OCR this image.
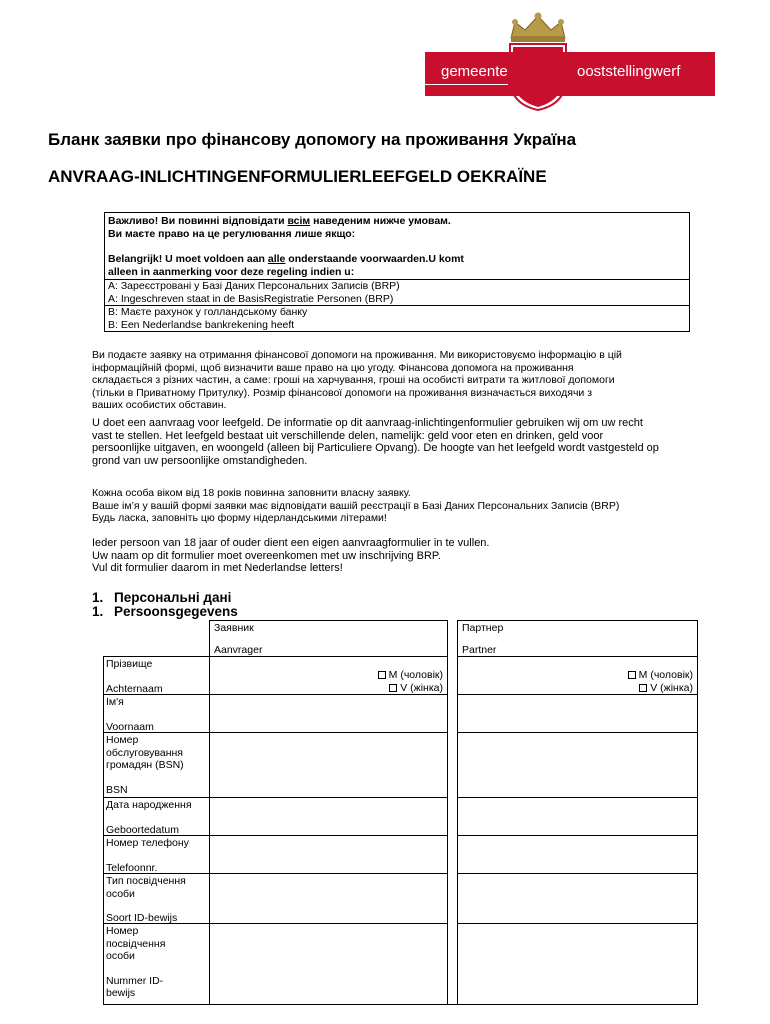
gemeente	ooststellingwerf
Бланк заявки про фінансову допомогу на проживання Україна
ANVRAAG-INLICHTINGENFORMULIERLEEFGELD OEKRAÏNE

Важливо! Ви повинні відповідати всім наведеним нижче умовам.

Ви маєте право на це регулювання лише якщо:

Belangrijk! U moet voldoen aan alle onderstaande voorwaarden.U komt

alleen in aanmerking voor deze regeling indien u:

A: Зареєстровані у Базі Даних Персональних Записів (BRP)
A: Ingeschreven staat in de BasisRegistratie Personen (BRP)
B: Маєте рахунок у голландському банку
B: Een Nederlandse bankrekening heeft
Ви подаєте заявку на отримання фінансової допомоги на проживання. Ми використовуємо інформацію в цій
інформаційній формі, щоб визначити ваше право на цю угоду. Фінансова допомога на проживання
складається з різних частин, а саме: гроші на харчування, гроші на особисті витрати та житлової допомоги
(тільки в Приватному Притулку). Розмір фінансової допомоги на проживання визначається виходячи з
ваших особистих обставин.
U doet een aanvraag voor leefgeld. De informatie op dit aanvraag-inlichtingenformulier gebruiken wij om uw recht
vast te stellen. Het leefgeld bestaat uit verschillende delen, namelijk: geld voor eten en drinken, geld voor
persoonlijke uitgaven, en woongeld (alleen bij Particuliere Opvang). De hoogte van het leefgeld wordt vastgesteld op
grond van uw persoonlijke omstandigheden.
Кожна особа віком від 18 років повинна заповнити власну заявку.
Ваше ім’я у вашій формі заявки має відповідати вашій реєстрації в Базі Даних Персональних Записів (BRP)
Будь ласка, заповніть цю форму нідерландськими літерами!
Ieder persoon van 18 jaar of ouder dient een eigen aanvraagformulier in te vullen.
Uw naam op dit formulier moet overeenkomen met uw inschrijving BRP.
Vul dit formulier daarom in met Nederlandse letters!
1. Персональні дані
1. Persoonsgegevens
Заявник
Aanvrager
Партнер
Partner
M (чоловік)
V (жінка)
M (чоловік)
V (жінка)

Прізвище

Achternaam

Ім'я

Voornaam

Номер

обслуговування

громадян (BSN)

BSN

Дата народження

Geboortedatum

Номер телефону

Telefoonnr.

Тип посвідчення

особи

Soort ID-bewijs

Номер

посвідчення

особи

Nummer ID-

bewijs
